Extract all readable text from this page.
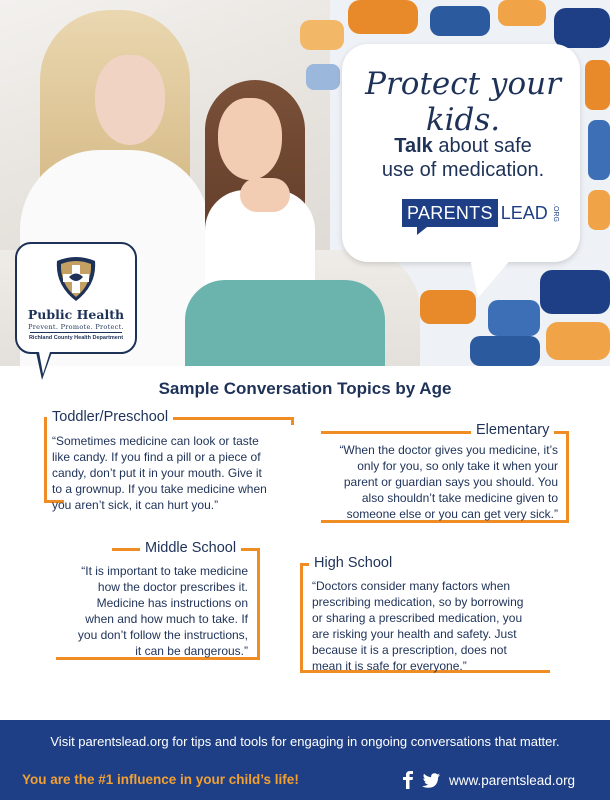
Protect your kids.
Talk about safe
use of medication.
PARENTS LEAD .ORG
Public Health
Prevent. Promote. Protect.
Richland County Health Department
Sample Conversation Topics by Age
Toddler/Preschool
“Sometimes medicine can look or taste
like candy. If you find a pill or a piece of
candy, don’t put it in your mouth. Give it
to a grownup. If you take medicine when
you aren’t sick, it can hurt you.”
Elementary
“When the doctor gives you medicine, it’s
only for you, so only take it when your
parent or guardian says you should. You
also shouldn’t take medicine given to
someone else or you can get very sick.”
Middle School
“It is important to take medicine
how the doctor prescribes it.
Medicine has instructions on
when and how much to take. If
you don’t follow the instructions,
it can be dangerous.”
High School
“Doctors consider many factors when
prescribing medication, so by borrowing
or sharing a prescribed medication, you
are risking your health and safety. Just
because it is a prescription, does not
mean it is safe for everyone.”
Visit parentslead.org for tips and tools for engaging in ongoing conversations that matter.
You are the #1 influence in your child’s life!	www.parentslead.org
